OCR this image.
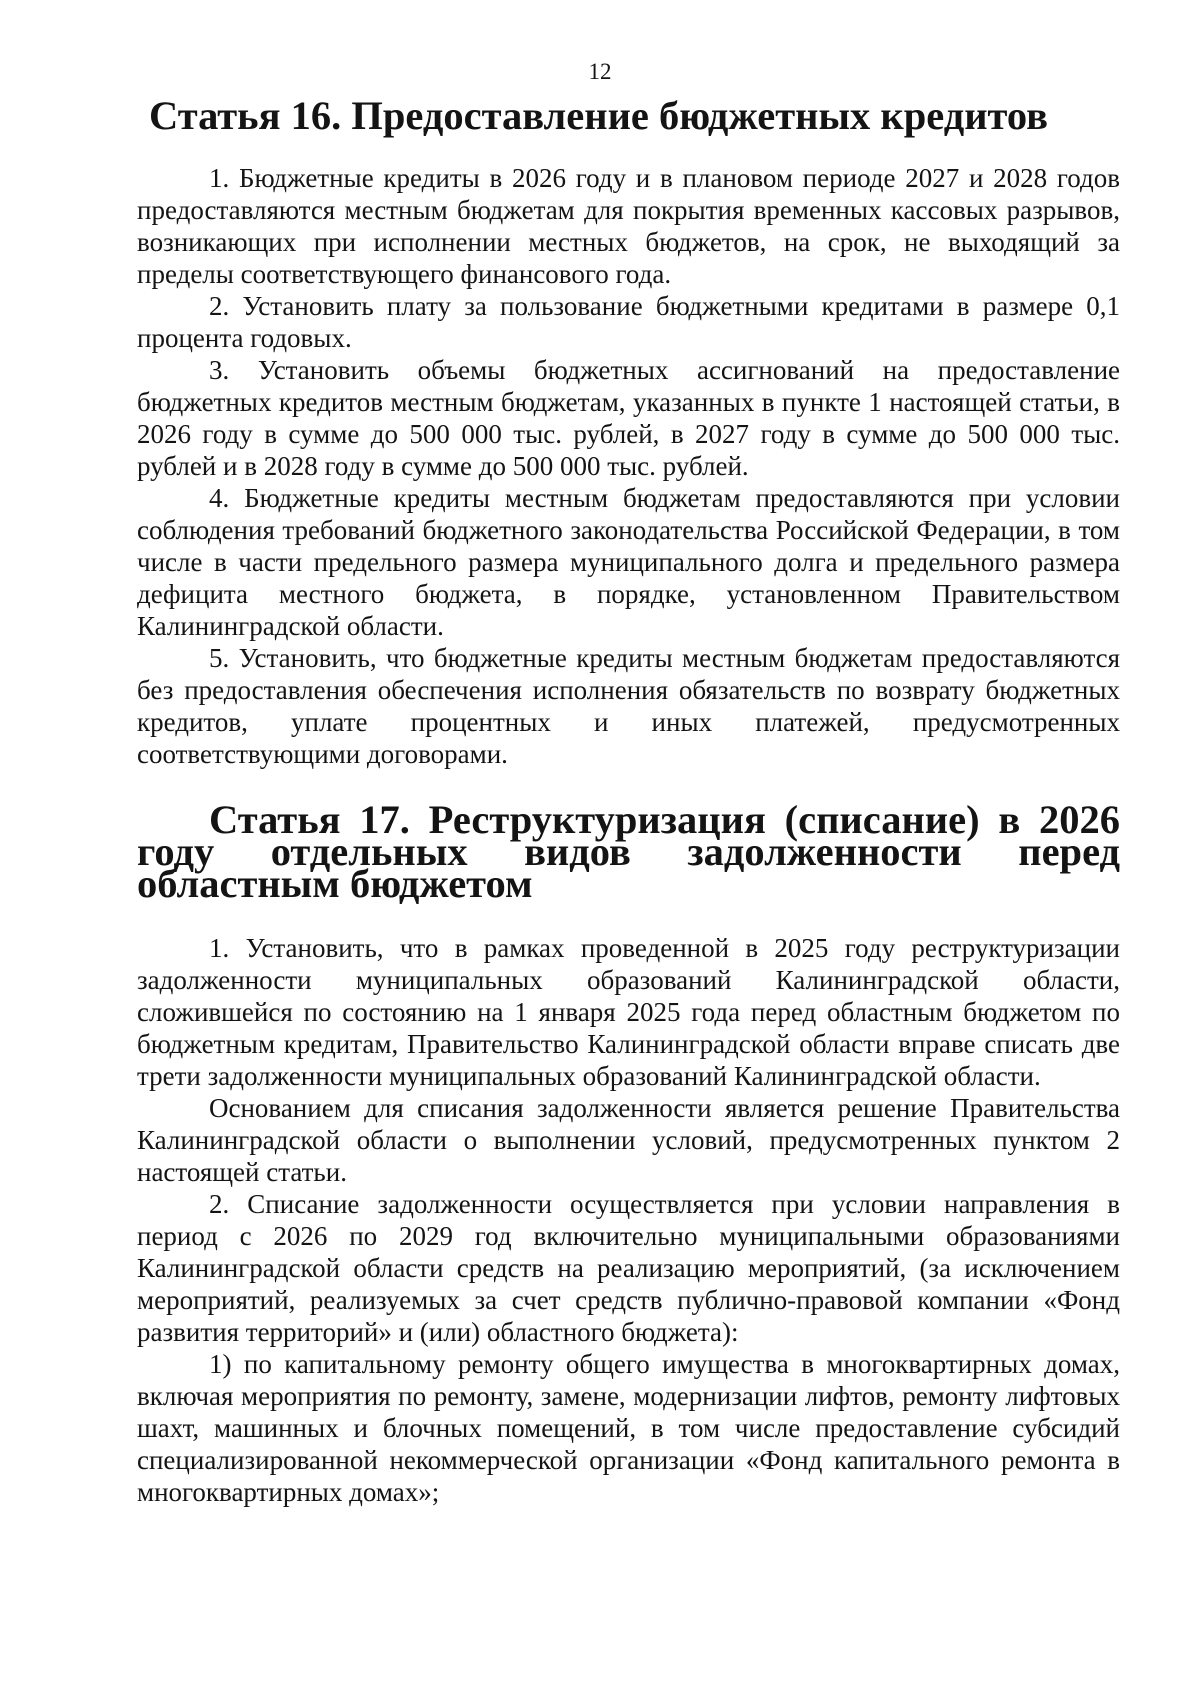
12
Статья 16. Предоставление бюджетных кредитов

1. Бюджетные кредиты в 2026 году и в плановом периоде 2027 и 2028 годов предоставляются местным бюджетам для покрытия временных кассовых разрывов, возникающих при исполнении местных бюджетов, на срок, не выходящий за пределы соответствующего финансового года.

2. Установить плату за пользование бюджетными кредитами в размере 0,1 процента годовых.

3. Установить объемы бюджетных ассигнований на предоставление бюджетных кредитов местным бюджетам, указанных в пункте 1 настоящей статьи, в 2026 году в сумме до 500 000 тыс. рублей, в 2027 году в сумме до 500 000 тыс. рублей и в 2028 году в сумме до 500 000 тыс. рублей.

4. Бюджетные кредиты местным бюджетам предоставляются при условии соблюдения требований бюджетного законодательства Российской Федерации, в том числе в части предельного размера муниципального долга и предельного размера дефицита местного бюджета, в порядке, установленном Правительством Калининградской области.

5. Установить, что бюджетные кредиты местным бюджетам предоставляются без предоставления обеспечения исполнения обязательств по возврату бюджетных кредитов, уплате процентных и иных платежей, предусмотренных соответствующими договорами.

Статья 17. Реструктуризация (списание) в 2026 году отдельных видов задолженности перед областным бюджетом

1. Установить, что в рамках проведенной в 2025 году реструктуризации задолженности муниципальных образований Калининградской области, сложившейся по состоянию на 1 января 2025 года перед областным бюджетом по бюджетным кредитам, Правительство Калининградской области вправе списать две трети задолженности муниципальных образований Калининградской области.

Основанием для списания задолженности является решение Правительства Калининградской области о выполнении условий, предусмотренных пунктом 2 настоящей статьи.

2. Списание задолженности осуществляется при условии направления в период с 2026 по 2029 год включительно муниципальными образованиями Калининградской области средств на реализацию мероприятий, (за исключением мероприятий, реализуемых за счет средств публично-правовой компании «Фонд развития территорий» и (или) областного бюджета):

1) по капитальному ремонту общего имущества в многоквартирных домах, включая мероприятия по ремонту, замене, модернизации лифтов, ремонту лифтовых шахт, машинных и блочных помещений, в том числе предоставление субсидий специализированной некоммерческой организации «Фонд капитального ремонта в многоквартирных домах»;
